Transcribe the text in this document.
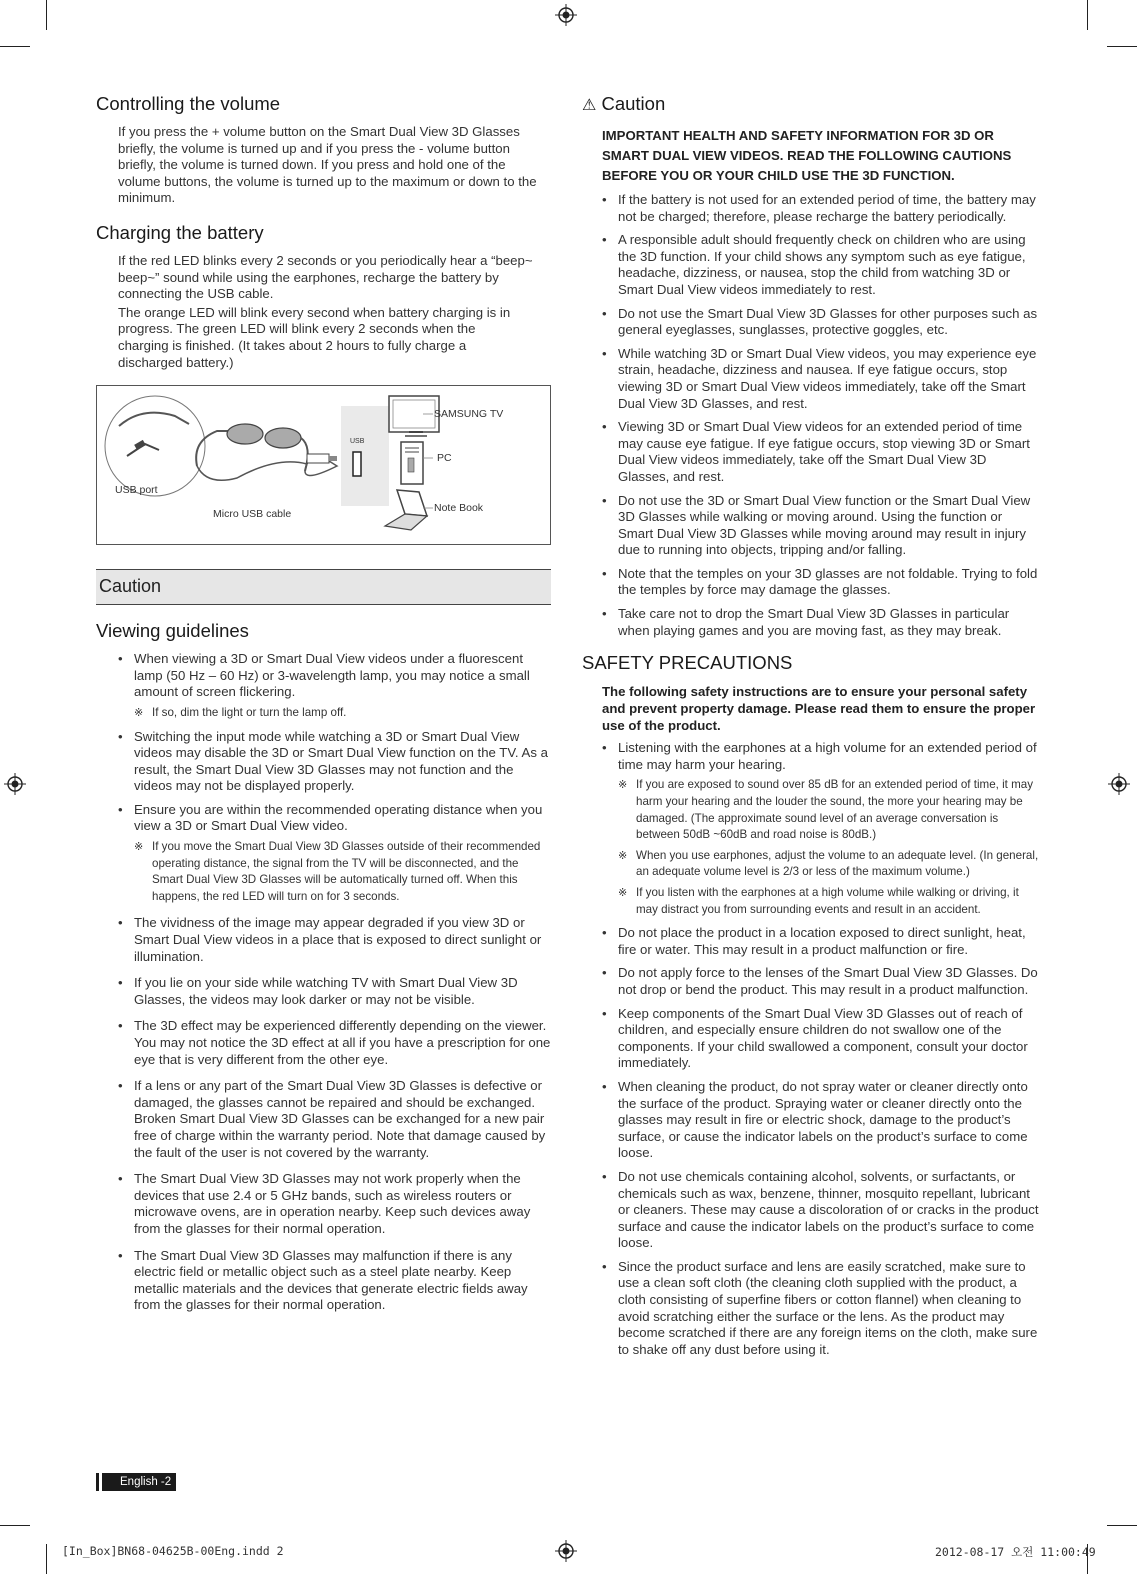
Controlling the volume

If you press the + volume button on the Smart Dual View 3D Glasses briefly, the volume is turned up and if you press the - volume button briefly, the volume is turned down. If you press and hold one of the volume buttons, the volume is turned up to the maximum or down to the minimum.

Charging the battery

If the red LED blinks every 2 seconds or you periodically hear a “beep~ beep~” sound while using the earphones, recharge the battery by connecting the USB cable.

The orange LED will blink every second when battery charging is in progress. The green LED will blink every 2 seconds when the charging is finished. (It takes about 2 hours to fully charge a discharged battery.)

USB port
Micro USB cable
USB
SAMSUNG TV
PC
Note Book
Caution
Viewing guidelines
• When viewing a 3D or Smart Dual View videos under a fluorescent lamp (50 Hz – 60 Hz) or 3-wavelength lamp, you may notice a small amount of screen flickering.
※ If so, dim the light or turn the lamp off.
• Switching the input mode while watching a 3D or Smart Dual View videos may disable the 3D or Smart Dual View function on the TV. As a result, the Smart Dual View 3D Glasses may not function and the videos may not be displayed properly.
• Ensure you are within the recommended operating distance when you view a 3D or Smart Dual View video.
※ If you move the Smart Dual View 3D Glasses outside of their recommended operating distance, the signal from the TV will be disconnected, and the Smart Dual View 3D Glasses will be automatically turned off. When this happens, the red LED will turn on for 3 seconds.
• The vividness of the image may appear degraded if you view 3D or Smart Dual View videos in a place that is exposed to direct sunlight or illumination.
• If you lie on your side while watching TV with Smart Dual View 3D Glasses, the videos may look darker or may not be visible.
• The 3D effect may be experienced differently depending on the viewer. You may not notice the 3D effect at all if you have a prescription for one eye that is very different from the other eye.
• If a lens or any part of the Smart Dual View 3D Glasses is defective or damaged, the glasses cannot be repaired and should be exchanged. Broken Smart Dual View 3D Glasses can be exchanged for a new pair free of charge within the warranty period. Note that damage caused by the fault of the user is not covered by the warranty.
• The Smart Dual View 3D Glasses may not work properly when the devices that use 2.4 or 5 GHz bands, such as wireless routers or microwave ovens, are in operation nearby. Keep such devices away from the glasses for their normal operation.
• The Smart Dual View 3D Glasses may malfunction if there is any electric field or metallic object such as a steel plate nearby. Keep metallic materials and the devices that generate electric fields away from the glasses for their normal operation.
⚠ Caution

IMPORTANT HEALTH AND SAFETY INFORMATION FOR 3D OR SMART DUAL VIEW VIDEOS. READ THE FOLLOWING CAUTIONS BEFORE YOU OR YOUR CHILD USE THE 3D FUNCTION.

• If the battery is not used for an extended period of time, the battery may not be charged; therefore, please recharge the battery periodically.
• A responsible adult should frequently check on children who are using the 3D function. If your child shows any symptom such as eye fatigue, headache, dizziness, or nausea, stop the child from watching 3D or Smart Dual View videos immediately to rest.
• Do not use the Smart Dual View 3D Glasses for other purposes such as general eyeglasses, sunglasses, protective goggles, etc.
• While watching 3D or Smart Dual View videos, you may experience eye strain, headache, dizziness and nausea. If eye fatigue occurs, stop viewing 3D or Smart Dual View videos immediately, take off the Smart Dual View 3D Glasses, and rest.
• Viewing 3D or Smart Dual View videos for an extended period of time may cause eye fatigue. If eye fatigue occurs, stop viewing 3D or Smart Dual View videos immediately, take off the Smart Dual View 3D Glasses, and rest.
• Do not use the 3D or Smart Dual View function or the Smart Dual View 3D Glasses while walking or moving around. Using the function or Smart Dual View 3D Glasses while moving around may result in injury due to running into objects, tripping and/or falling.
• Note that the temples on your 3D glasses are not foldable. Trying to fold the temples by force may damage the glasses.
• Take care not to drop the Smart Dual View 3D Glasses in particular when playing games and you are moving fast, as they may break.
SAFETY PRECAUTIONS

The following safety instructions are to ensure your personal safety and prevent property damage. Please read them to ensure the proper use of the product.

• Listening with the earphones at a high volume for an extended period of time may harm your hearing.
※ If you are exposed to sound over 85 dB for an extended period of time, it may harm your hearing and the louder the sound, the more your hearing may be damaged. (The approximate sound level of an average conversation is between 50dB ~60dB and road noise is 80dB.)
※ When you use earphones, adjust the volume to an adequate level. (In general, an adequate volume level is 2/3 or less of the maximum volume.)
※ If you listen with the earphones at a high volume while walking or driving, it may distract you from surrounding events and result in an accident.
• Do not place the product in a location exposed to direct sunlight, heat, fire or water. This may result in a product malfunction or fire.
• Do not apply force to the lenses of the Smart Dual View 3D Glasses. Do not drop or bend the product. This may result in a product malfunction.
• Keep components of the Smart Dual View 3D Glasses out of reach of children, and especially ensure children do not swallow one of the components. If your child swallowed a component, consult your doctor immediately.
• When cleaning the product, do not spray water or cleaner directly onto the surface of the product. Spraying water or cleaner directly onto the glasses may result in fire or electric shock, damage to the product’s surface, or cause the indicator labels on the product’s surface to come loose.
• Do not use chemicals containing alcohol, solvents, or surfactants, or chemicals such as wax, benzene, thinner, mosquito repellant, lubricant or cleaners. These may cause a discoloration of or cracks in the product surface and cause the indicator labels on the product’s surface to come loose.
• Since the product surface and lens are easily scratched, make sure to use a clean soft cloth (the cleaning cloth supplied with the product, a cloth consisting of superfine fibers or cotton flannel) when cleaning to avoid scratching either the surface or the lens. As the product may become scratched if there are any foreign items on the cloth, make sure to shake off any dust before using it.
English -2
[In_Box]BN68-04625B-00Eng.indd 2	2012-08-17 오전 11:00:49
